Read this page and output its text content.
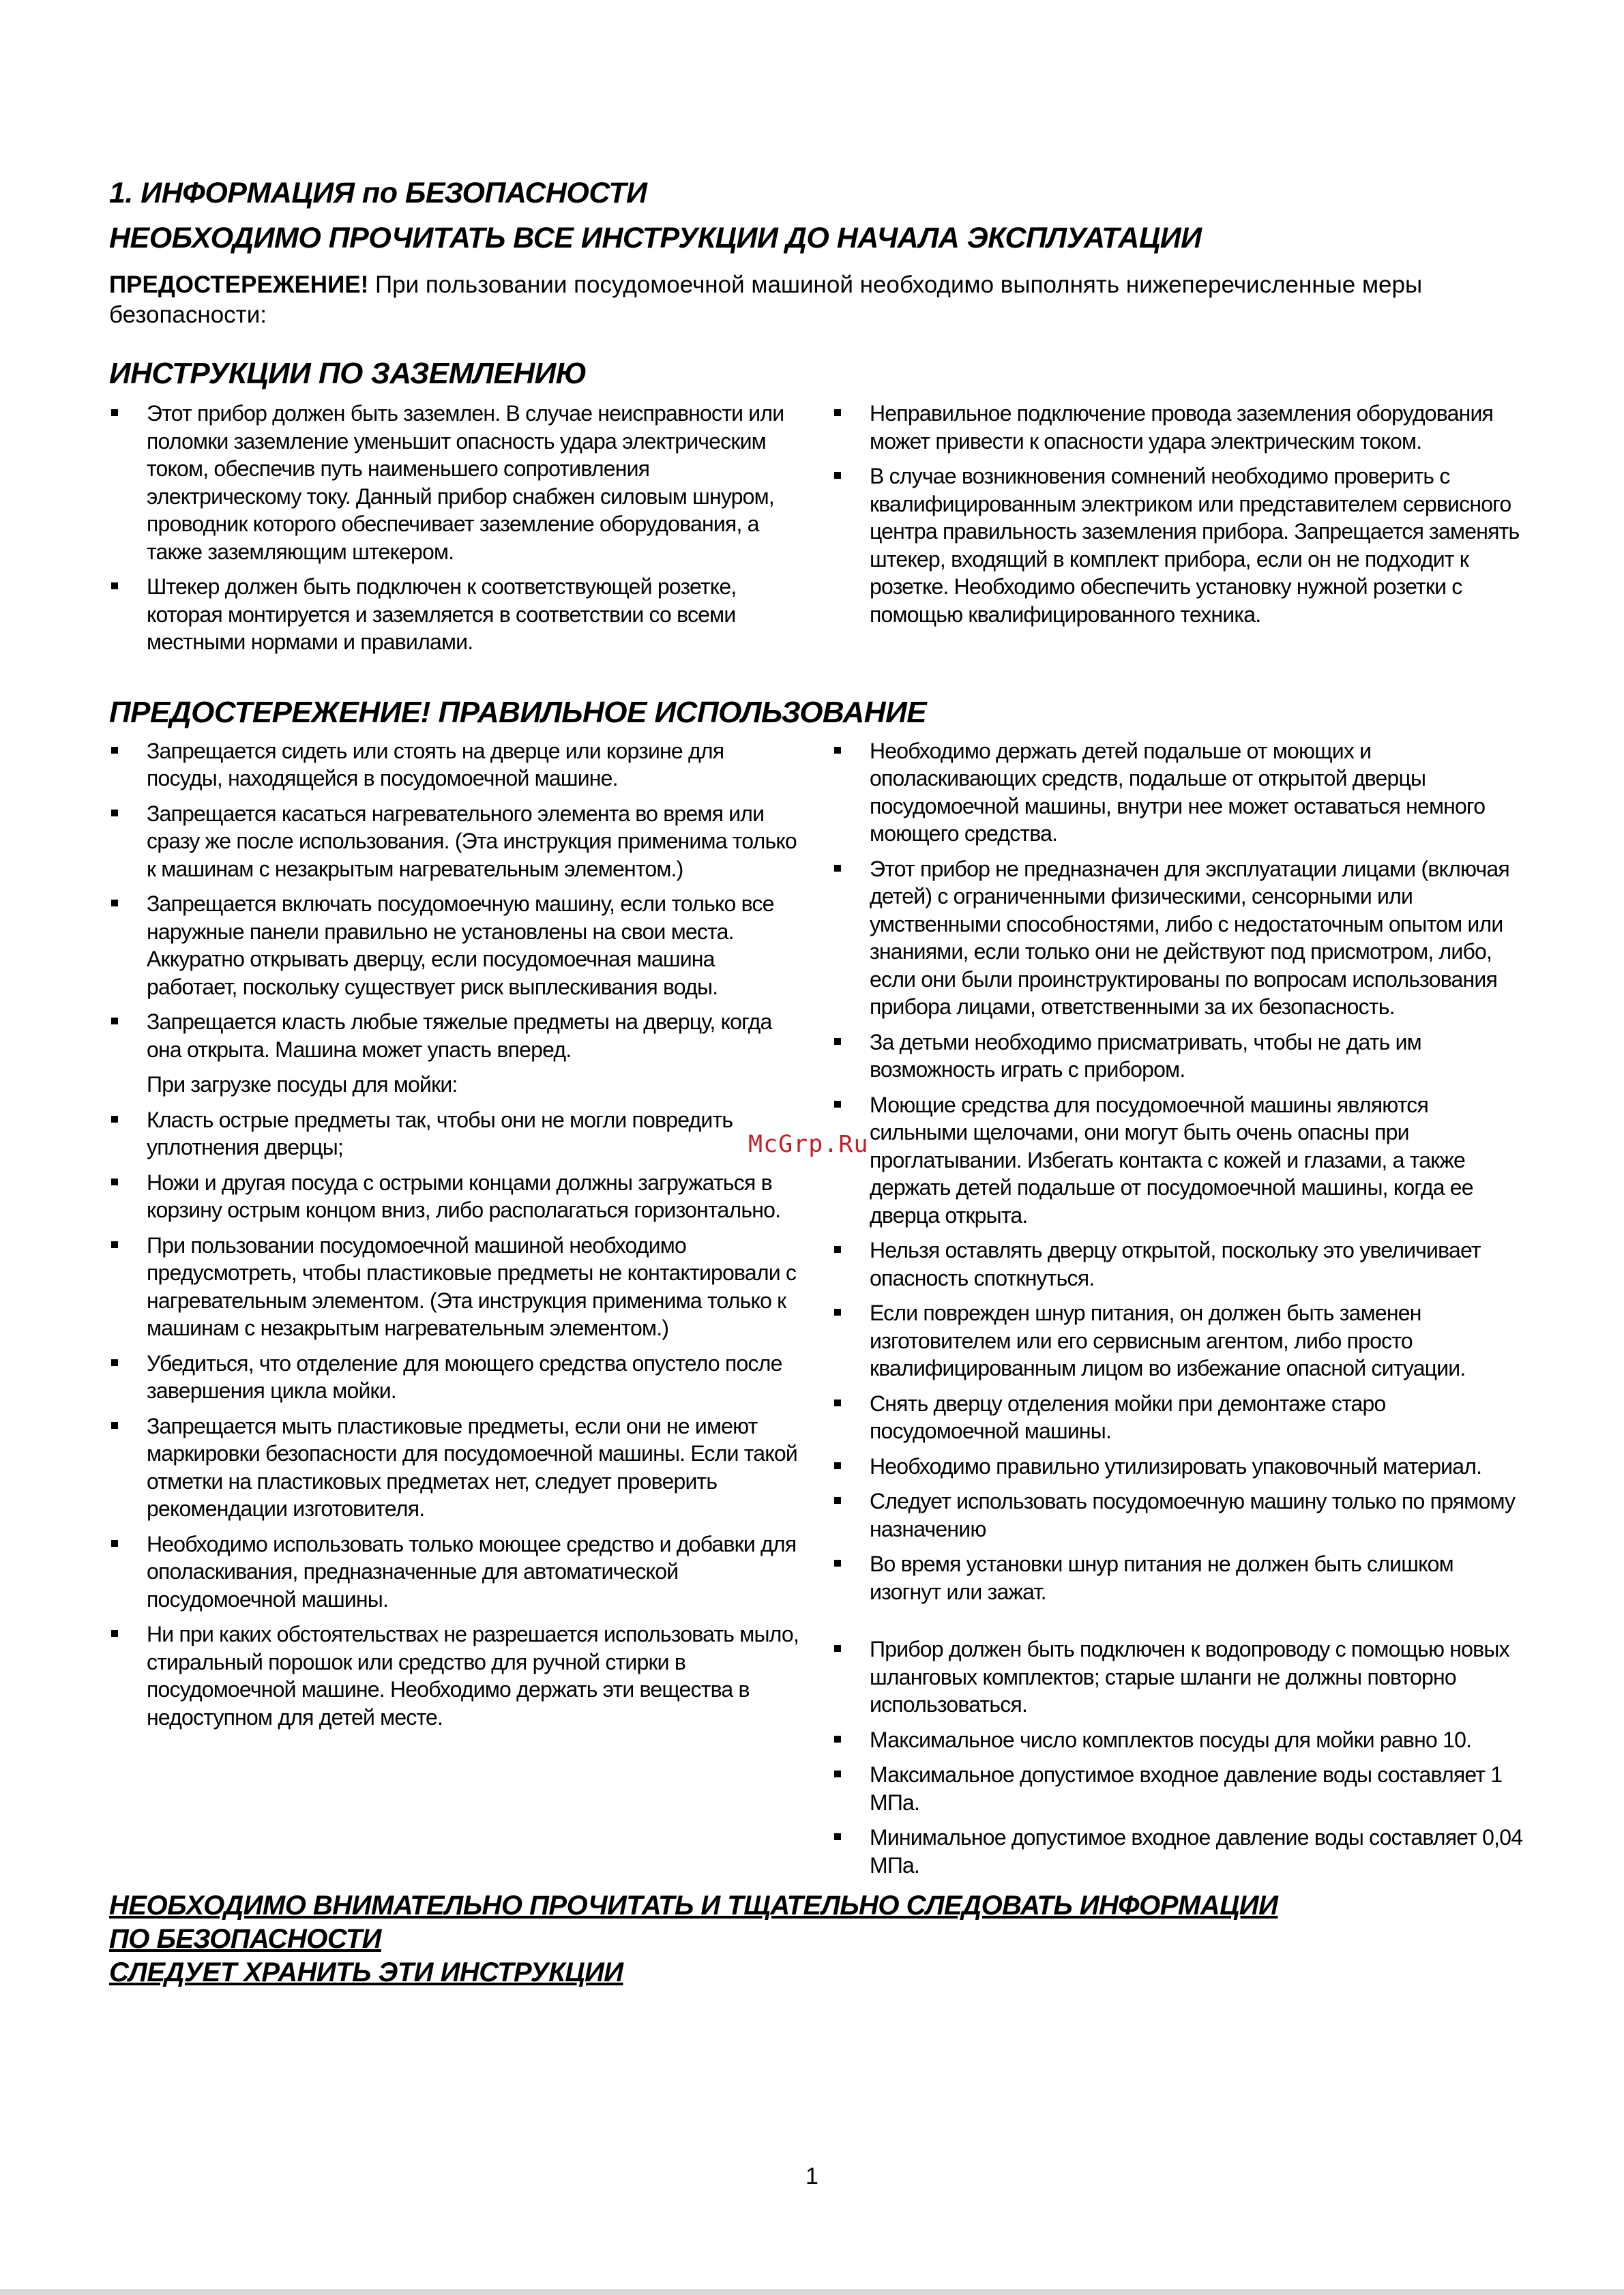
1. ИНФОРМАЦИЯ по БЕЗОПАСНОСТИ
НЕОБХОДИМО ПРОЧИТАТЬ ВСЕ ИНСТРУКЦИИ ДО НАЧАЛА ЭКСПЛУАТАЦИИ

ПРЕДОСТЕРЕЖЕНИЕ! При пользовании посудомоечной машиной необходимо выполнять нижеперечисленные меры безопасности:

ИНСТРУКЦИИ ПО ЗАЗЕМЛЕНИЮ
Этот прибор должен быть заземлен. В случае неисправности или поломки заземление уменьшит опасность удара электрическим током, обеспечив путь наименьшего сопротивления электрическому току. Данный прибор снабжен силовым шнуром, проводник которого обеспечивает заземление оборудования, а также заземляющим штекером.
Штекер должен быть подключен к соответствующей розетке, которая монтируется и заземляется в соответствии со всеми местными нормами и правилами.
Неправильное подключение провода заземления оборудования может привести к опасности удара электрическим током.
В случае возникновения сомнений необходимо проверить с квалифицированным электриком или представителем сервисного центра правильность заземления прибора. Запрещается заменять штекер, входящий в комплект прибора, если он не подходит к розетке. Необходимо обеспечить установку нужной розетки с помощью квалифицированного техника.
ПРЕДОСТЕРЕЖЕНИЕ! ПРАВИЛЬНОЕ ИСПОЛЬЗОВАНИЕ
Запрещается сидеть или стоять на дверце или корзине для посуды, находящейся в посудомоечной машине.
Запрещается касаться нагревательного элемента во время или сразу же после использования. (Эта инструкция применима только к машинам с незакрытым нагревательным элементом.)
Запрещается включать посудомоечную машину, если только все наружные панели правильно не установлены на свои места. Аккуратно открывать дверцу, если посудомоечная машина работает, поскольку существует риск выплескивания воды.
Запрещается класть любые тяжелые предметы на дверцу, когда она открыта. Машина может упасть вперед.
При загрузке посуды для мойки:
Класть острые предметы так, чтобы они не могли повредить уплотнения дверцы;
Ножи и другая посуда с острыми концами должны загружаться в корзину острым концом вниз, либо располагаться горизонтально.
При пользовании посудомоечной машиной необходимо предусмотреть, чтобы пластиковые предметы не контактировали с нагревательным элементом. (Эта инструкция применима только к машинам с незакрытым нагревательным элементом.)
Убедиться, что отделение для моющего средства опустело после завершения цикла мойки.
Запрещается мыть пластиковые предметы, если они не имеют маркировки безопасности для посудомоечной машины. Если такой отметки на пластиковых предметах нет, следует проверить рекомендации изготовителя.
Необходимо использовать только моющее средство и добавки для ополаскивания, предназначенные для автоматической посудомоечной машины.
Ни при каких обстоятельствах не разрешается использовать мыло, стиральный порошок или средство для ручной стирки в посудомоечной машине. Необходимо держать эти вещества в недоступном для детей месте.
Необходимо держать детей подальше от моющих и ополаскивающих средств, подальше от открытой дверцы посудомоечной машины, внутри нее может оставаться немного моющего средства.
Этот прибор не предназначен для эксплуатации лицами (включая детей) с ограниченными физическими, сенсорными или умственными способностями, либо с недостаточным опытом или знаниями, если только они не действуют под присмотром, либо, если они были проинструктированы по вопросам использования прибора лицами, ответственными за их безопасность.
За детьми необходимо присматривать, чтобы не дать им возможность играть с прибором.
Моющие средства для посудомоечной машины являются сильными щелочами, они могут быть очень опасны при проглатывании. Избегать контакта с кожей и глазами, а также держать детей подальше от посудомоечной машины, когда ее дверца открыта.
Нельзя оставлять дверцу открытой, поскольку это увеличивает опасность споткнуться.
Если поврежден шнур питания, он должен быть заменен изготовителем или его сервисным агентом, либо просто квалифицированным лицом во избежание опасной ситуации.
Снять дверцу отделения мойки при демонтаже старо посудомоечной машины.
Необходимо правильно утилизировать упаковочный материал.
Следует использовать посудомоечную машину только по прямому назначению
Во время установки шнур питания не должен быть слишком изогнут или зажат.
Прибор должен быть подключен к водопроводу с помощью новых шланговых комплектов; старые шланги не должны повторно использоваться.
Максимальное число комплектов посуды для мойки равно 10.
Максимальное допустимое входное давление воды составляет 1 МПа.
Минимальное допустимое входное давление воды составляет 0,04 МПа.
НЕОБХОДИМО ВНИМАТЕЛЬНО ПРОЧИТАТЬ И ТЩАТЕЛЬНО СЛЕДОВАТЬ ИНФОРМАЦИИ
ПО БЕЗОПАСНОСТИ
СЛЕДУЕТ ХРАНИТЬ ЭТИ ИНСТРУКЦИИ
McGrp.Ru
1
